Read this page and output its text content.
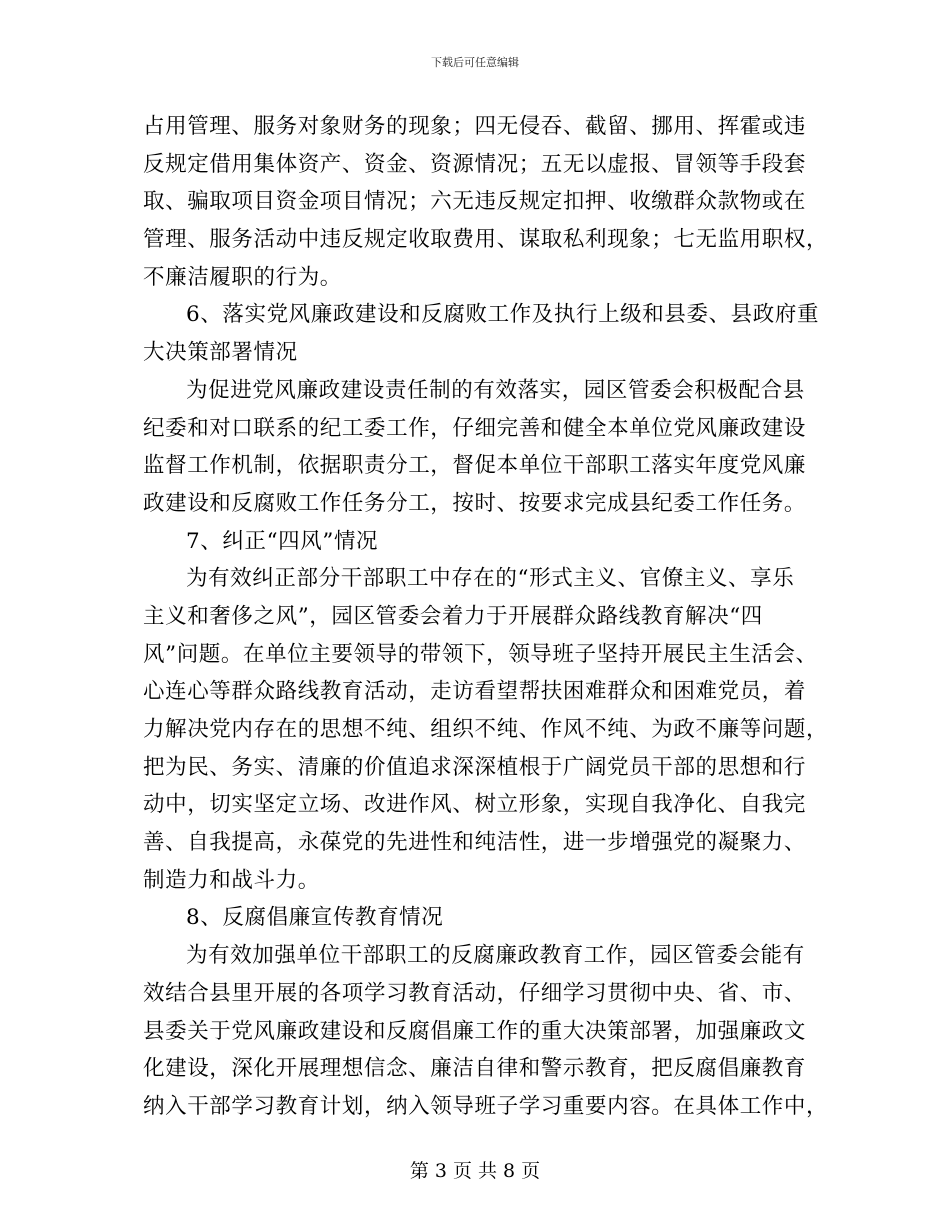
下载后可任意编辑
占用管理、服务对象财务的现象；四无侵吞、截留、挪用、挥霍或违
反规定借用集体资产、资金、资源情况；五无以虚报、冒领等手段套
取、骗取项目资金项目情况；六无违反规定扣押、收缴群众款物或在
管理、服务活动中违反规定收取费用、谋取私利现象；七无监用职权，
不廉洁履职的行为。
6、落实党风廉政建设和反腐败工作及执行上级和县委、县政府重
大决策部署情况
为促进党风廉政建设责任制的有效落实，园区管委会积极配合县
纪委和对口联系的纪工委工作，仔细完善和健全本单位党风廉政建设
监督工作机制，依据职责分工，督促本单位干部职工落实年度党风廉
政建设和反腐败工作任务分工，按时、按要求完成县纪委工作任务。
7、纠正“四风”情况
为有效纠正部分干部职工中存在的“形式主义、官僚主义、享乐
主义和奢侈之风”，园区管委会着力于开展群众路线教育解决“四
风”问题。在单位主要领导的带领下，领导班子坚持开展民主生活会、
心连心等群众路线教育活动，走访看望帮扶困难群众和困难党员，着
力解决党内存在的思想不纯、组织不纯、作风不纯、为政不廉等问题，
把为民、务实、清廉的价值追求深深植根于广阔党员干部的思想和行
动中，切实坚定立场、改进作风、树立形象，实现自我净化、自我完
善、自我提高，永葆党的先进性和纯洁性，进一步增强党的凝聚力、
制造力和战斗力。
8、反腐倡廉宣传教育情况
为有效加强单位干部职工的反腐廉政教育工作，园区管委会能有
效结合县里开展的各项学习教育活动，仔细学习贯彻中央、省、市、
县委关于党风廉政建设和反腐倡廉工作的重大决策部署，加强廉政文
化建设，深化开展理想信念、廉洁自律和警示教育，把反腐倡廉教育
纳入干部学习教育计划，纳入领导班子学习重要内容。在具体工作中，
第 3 页 共 8 页
